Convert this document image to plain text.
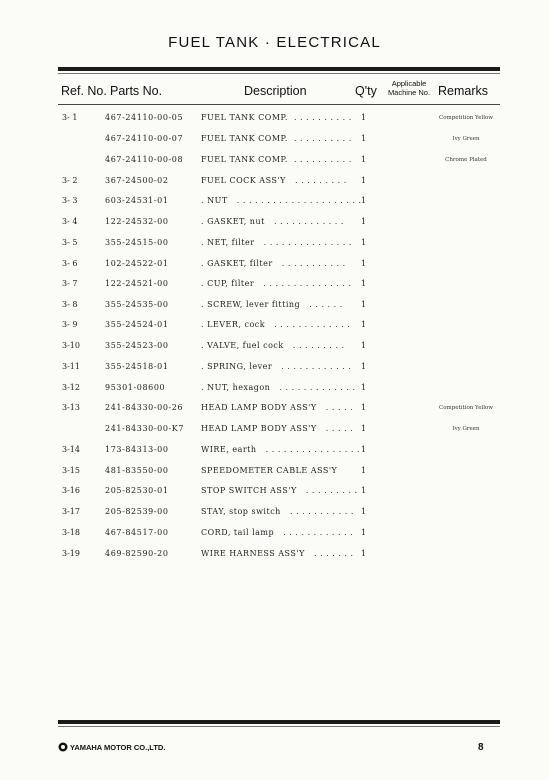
FUEL TANK · ELECTRICAL
Ref. No. Parts No.	Description	Q'ty
Applicable
Machine No. Remarks
3- 1	467-24110-00-05 FUEL TANK COMP.  . . . . . . . . . . 1	Competition Yellow
467-24110-00-07 FUEL TANK COMP.  . . . . . . . . . . 1	Ivy Green
467-24110-00-08 FUEL TANK COMP.  . . . . . . . . . . 1	Chrome Plated
3- 2	367-24500-02	FUEL COCK ASS'Y   . . . . . . . . . 1
3- 3	603-24531-01	. NUT   . . . . . . . . . . . . . . . . . . . . . 1
3- 4	122-24532-00	. GASKET, nut   . . . . . . . . . . . . 1
3- 5	355-24515-00	. NET, filter   . . . . . . . . . . . . . . . 1
3- 6	102-24522-01	. GASKET, filter   . . . . . . . . . . . 1
3- 7	122-24521-00	. CUP, filter   . . . . . . . . . . . . . . . 1
3- 8	355-24535-00	. SCREW, lever fitting   . . . . . . 1
3- 9	355-24524-01	. LEVER, cock   . . . . . . . . . . . . . 1
3-10	355-24523-00	. VALVE, fuel cock   . . . . . . . . . 1
3-11	355-24518-01	. SPRING, lever   . . . . . . . . . . . . 1
3-12	95301-08600	. NUT, hexagon   . . . . . . . . . . . . . 1
3-13	241-84330-00-26 HEAD LAMP BODY ASS'Y   . . . . . 1	Competition Yellow
241-84330-00-K7 HEAD LAMP BODY ASS'Y   . . . . . 1	Ivy Green
3-14	173-84313-00	WIRE, earth   . . . . . . . . . . . . . . . . 1
3-15	481-83550-00	SPEEDOMETER CABLE ASS'Y	1
3-16	205-82530-01	STOP SWITCH ASS'Y   . . . . . . . . . 1
3-17	205-82539-00	STAY, stop switch   . . . . . . . . . . . 1
3-18	467-84517-00	CORD, tail lamp   . . . . . . . . . . . . 1
3-19	469-82590-20	WIRE HARNESS ASS'Y   . . . . . . . 1
YAMAHA MOTOR CO.,LTD.	8
